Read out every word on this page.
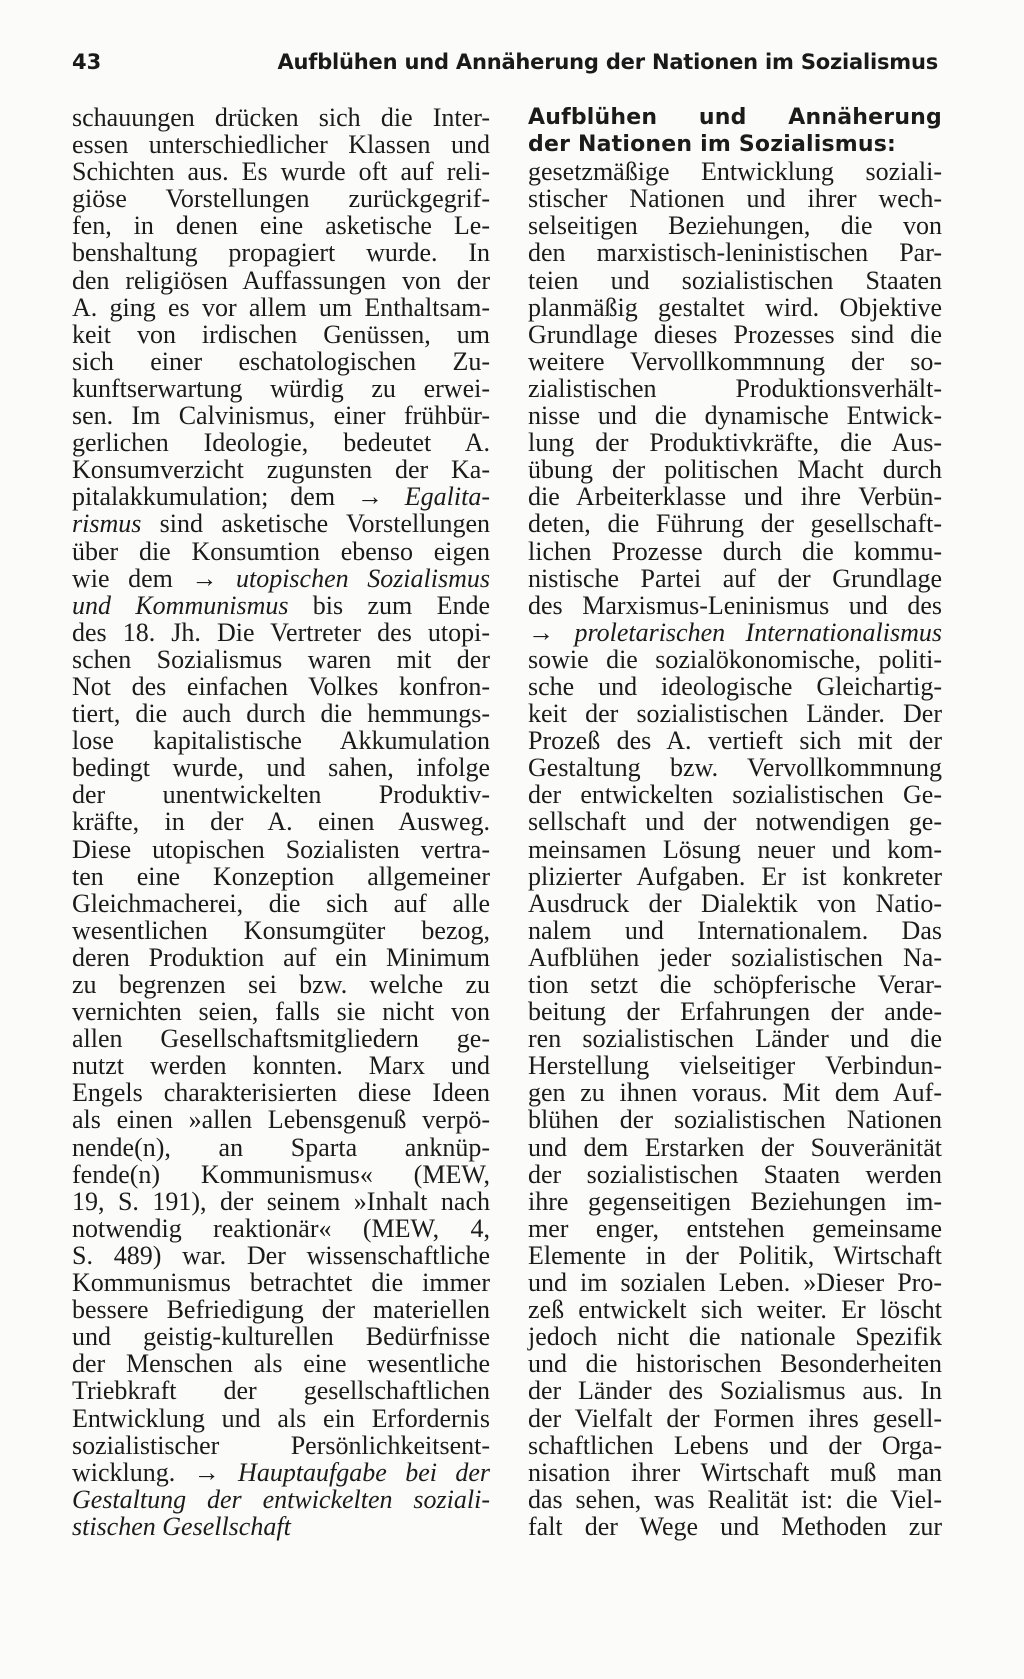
43	Aufblühen und Annäherung der Nationen im Sozialismus
schauungen drücken sich die Inter-
essen unterschiedlicher Klassen und
Schichten aus. Es wurde oft auf reli-
giöse Vorstellungen zurückgegrif-
fen, in denen eine asketische Le-
benshaltung propagiert wurde. In
den religiösen Auffassungen von der
A. ging es vor allem um Enthaltsam-
keit von irdischen Genüssen, um
sich einer eschatologischen Zu-
kunftserwartung würdig zu erwei-
sen. Im Calvinismus, einer frühbür-
gerlichen Ideologie, bedeutet A.
Konsumverzicht zugunsten der Ka-
pitalakkumulation; dem → Egalita-
rismus sind asketische Vorstellungen
über die Konsumtion ebenso eigen
wie dem → utopischen Sozialismus
und Kommunismus bis zum Ende
des 18. Jh. Die Vertreter des utopi-
schen Sozialismus waren mit der
Not des einfachen Volkes konfron-
tiert, die auch durch die hemmungs-
lose kapitalistische Akkumulation
bedingt wurde, und sahen, infolge
der unentwickelten Produktiv-
kräfte, in der A. einen Ausweg.
Diese utopischen Sozialisten vertra-
ten eine Konzeption allgemeiner
Gleichmacherei, die sich auf alle
wesentlichen Konsumgüter bezog,
deren Produktion auf ein Minimum
zu begrenzen sei bzw. welche zu
vernichten seien, falls sie nicht von
allen Gesellschaftsmitgliedern ge-
nutzt werden konnten. Marx und
Engels charakterisierten diese Ideen
als einen »allen Lebensgenuß verpö-
nende(n), an Sparta anknüp-
fende(n) Kommunismus« (MEW,
19, S. 191), der seinem »Inhalt nach
notwendig reaktionär« (MEW, 4,
S. 489) war. Der wissenschaftliche
Kommunismus betrachtet die immer
bessere Befriedigung der materiellen
und geistig-kulturellen Bedürfnisse
der Menschen als eine wesentliche
Triebkraft der gesellschaftlichen
Entwicklung und als ein Erfordernis
sozialistischer Persönlichkeitsent-
wicklung. → Hauptaufgabe bei der
Gestaltung der entwickelten soziali-
stischen Gesellschaft
Aufblühen und Annäherung
der Nationen im Sozialismus:
gesetzmäßige Entwicklung soziali-
stischer Nationen und ihrer wech-
selseitigen Beziehungen, die von
den marxistisch-leninistischen Par-
teien und sozialistischen Staaten
planmäßig gestaltet wird. Objektive
Grundlage dieses Prozesses sind die
weitere Vervollkommnung der so-
zialistischen Produktionsverhält-
nisse und die dynamische Entwick-
lung der Produktivkräfte, die Aus-
übung der politischen Macht durch
die Arbeiterklasse und ihre Verbün-
deten, die Führung der gesellschaft-
lichen Prozesse durch die kommu-
nistische Partei auf der Grundlage
des Marxismus-Leninismus und des
→ proletarischen Internationalismus
sowie die sozialökonomische, politi-
sche und ideologische Gleichartig-
keit der sozialistischen Länder. Der
Prozeß des A. vertieft sich mit der
Gestaltung bzw. Vervollkommnung
der entwickelten sozialistischen Ge-
sellschaft und der notwendigen ge-
meinsamen Lösung neuer und kom-
plizierter Aufgaben. Er ist konkreter
Ausdruck der Dialektik von Natio-
nalem und Internationalem. Das
Aufblühen jeder sozialistischen Na-
tion setzt die schöpferische Verar-
beitung der Erfahrungen der ande-
ren sozialistischen Länder und die
Herstellung vielseitiger Verbindun-
gen zu ihnen voraus. Mit dem Auf-
blühen der sozialistischen Nationen
und dem Erstarken der Souveränität
der sozialistischen Staaten werden
ihre gegenseitigen Beziehungen im-
mer enger, entstehen gemeinsame
Elemente in der Politik, Wirtschaft
und im sozialen Leben. »Dieser Pro-
zeß entwickelt sich weiter. Er löscht
jedoch nicht die nationale Spezifik
und die historischen Besonderheiten
der Länder des Sozialismus aus. In
der Vielfalt der Formen ihres gesell-
schaftlichen Lebens und der Orga-
nisation ihrer Wirtschaft muß man
das sehen, was Realität ist: die Viel-
falt der Wege und Methoden zur
